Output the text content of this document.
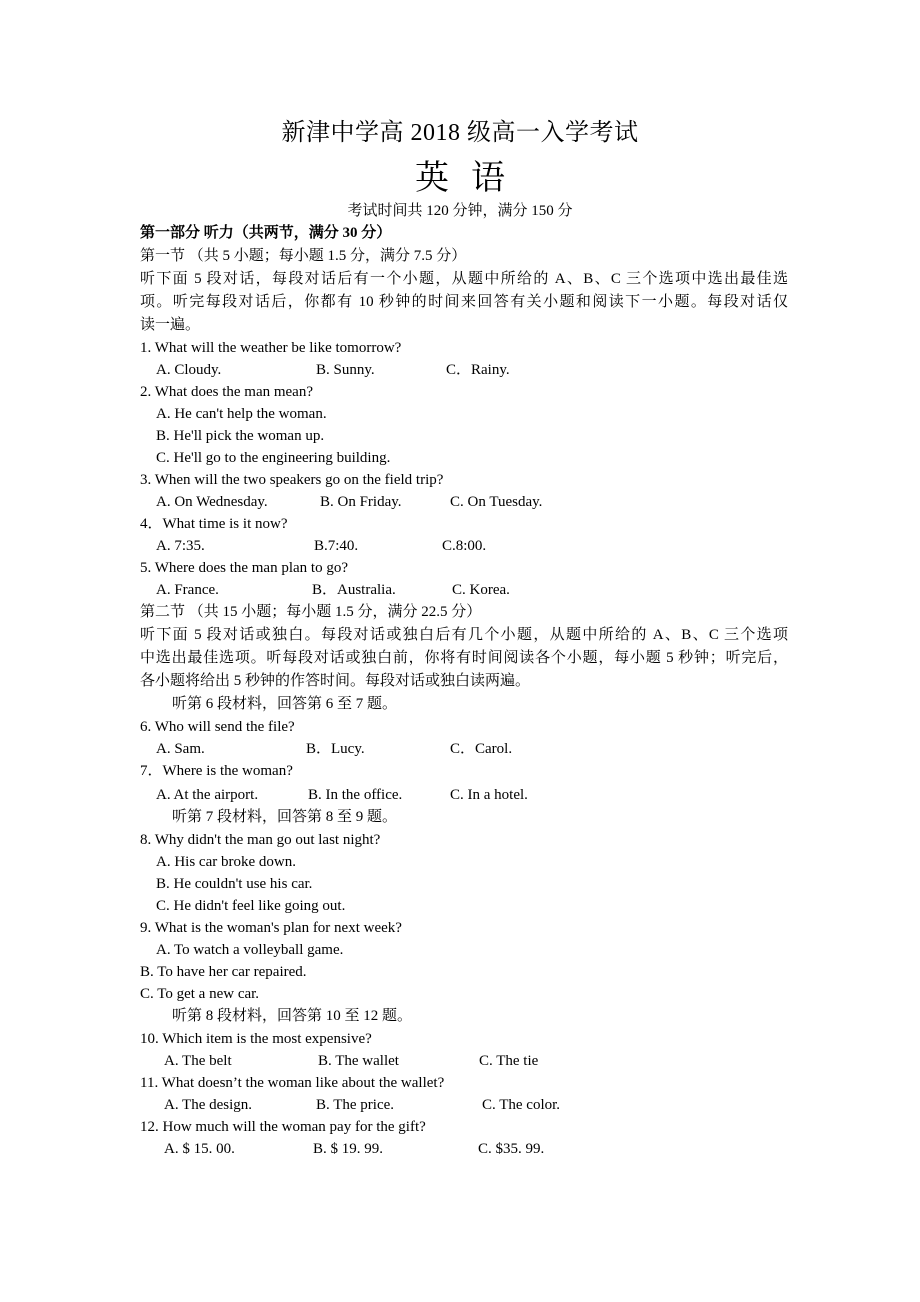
新津中学高 2018 级高一入学考试
英语
考试时间共 120 分钟，满分 150 分
第一部分 听力（共两节，满分 30 分）
第一节 （共 5 小题；每小题 1.5 分，满分 7.5 分）
听下面 5 段对话，每段对话后有一个小题，从题中所给的 A、B、C 三个选项中选出最佳选
项。听完每段对话后，你都有 10 秒钟的时间来回答有关小题和阅读下一小题。每段对话仅
读一遍。
1. What will the weather be like tomorrow?
A. Cloudy.	B. Sunny.	C．Rainy.
2. What does the man mean?
A. He can't help the woman.
B. He'll pick the woman up.
C. He'll go to the engineering building.
3. When will the two speakers go on the field trip?
A. On Wednesday.	B. On Friday.	C. On Tuesday.
4．What time is it now?
A. 7:35.	B.7:40.	C.8:00.
5. Where does the man plan to go?
A. France.	B．Australia.	C. Korea.
第二节 （共 15 小题；每小题 1.5 分，满分 22.5 分）
听下面 5 段对话或独白。每段对话或独白后有几个小题，从题中所给的 A、B、C 三个选项
中选出最佳选项。听每段对话或独白前，你将有时间阅读各个小题，每小题 5 秒钟；听完后，
各小题将给出 5 秒钟的作答时间。每段对话或独白读两遍。
听第 6 段材料，回答第 6 至 7 题。
6. Who will send the file?
A. Sam.	B．Lucy.	C．Carol.
7．Where is the woman?
A. At the airport.	B. In the office.	C. In a hotel.
听第 7 段材料，回答第 8 至 9 题。
8. Why didn't the man go out last night?
A. His car broke down.
B. He couldn't use his car.
C. He didn't feel like going out.
9. What is the woman's plan for next week?
A. To watch a volleyball game.
B. To have her car repaired.
C. To get a new car.
听第 8 段材料，回答第 10 至 12 题。
10. Which item is the most expensive?
A. The belt	B. The wallet	C. The tie
11. What doesn’t the woman like about the wallet?
A. The design.	B. The price.	C. The color.
12. How much will the woman pay for the gift?
A. $ 15. 00.	B. $ 19. 99.	C. $35. 99.
